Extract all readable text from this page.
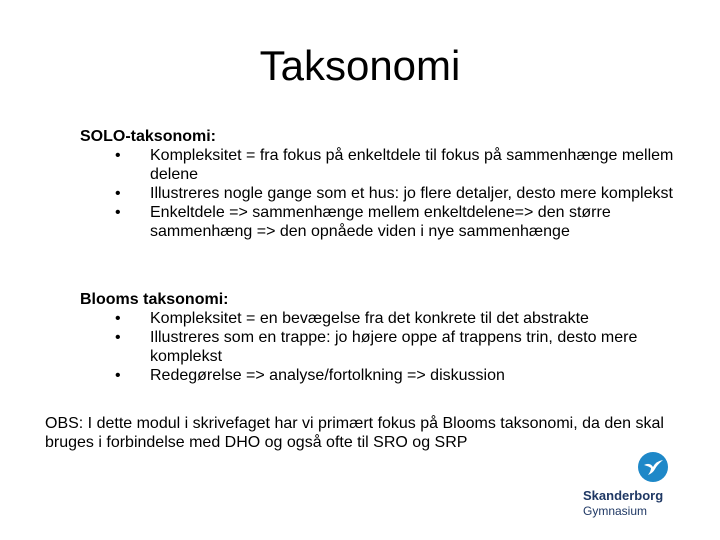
Taksonomi
SOLO-taksonomi:
• Kompleksitet = fra fokus på enkeltdele til fokus på sammenhænge mellem delene
• Illustreres nogle gange som et hus: jo flere detaljer, desto mere komplekst
• Enkeltdele => sammenhænge mellem enkeltdelene=> den større sammenhæng => den opnåede viden i nye sammenhænge
Blooms taksonomi:
• Kompleksitet = en bevægelse fra det konkrete til det abstrakte
• Illustreres som en trappe: jo højere oppe af trappens trin, desto mere komplekst
• Redegørelse => analyse/fortolkning => diskussion
OBS: I dette modul i skrivefaget har vi primært fokus på Blooms taksonomi, da den skal bruges i forbindelse med DHO og også ofte til SRO og SRP
Skanderborg
Gymnasium
